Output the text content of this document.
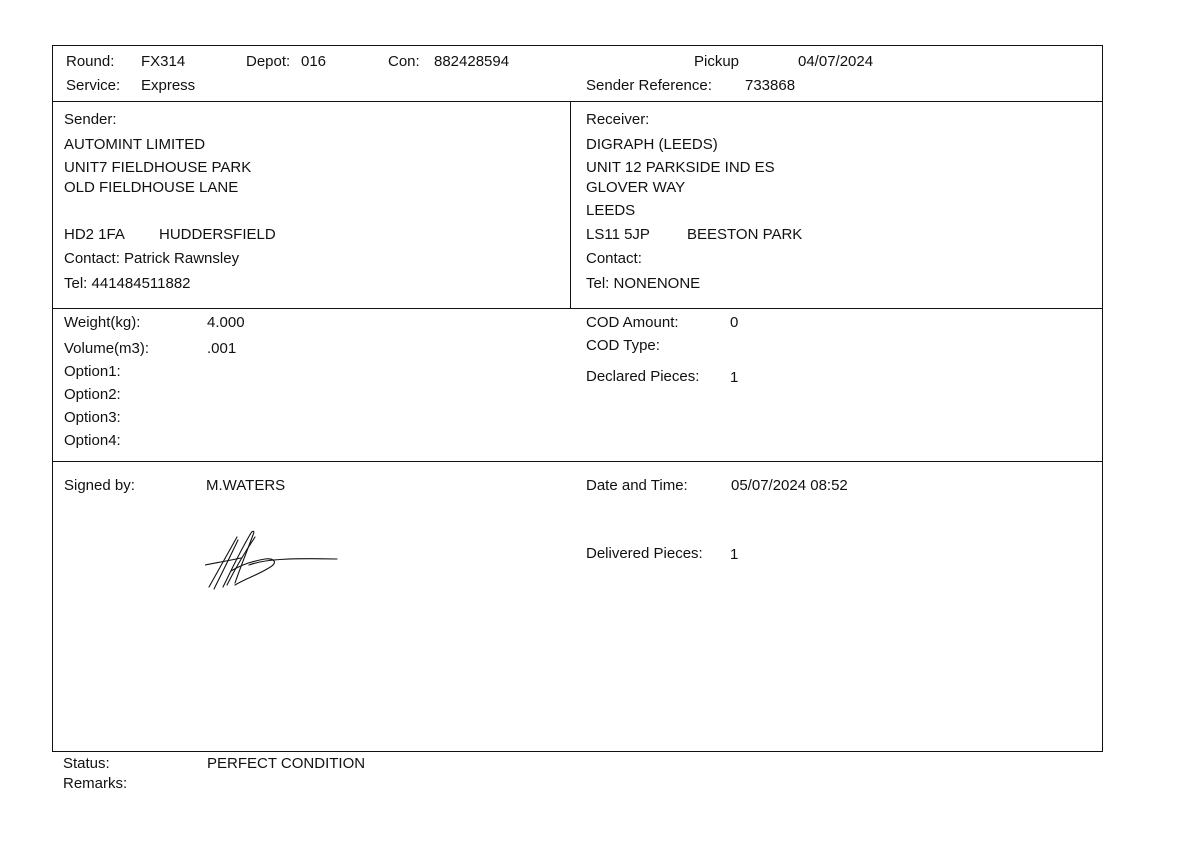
Round: FX314	Depot: 016	Con: 882428594	Pickup	04/07/2024
Service: Express	Sender Reference: 733868
Sender:
AUTOMINT LIMITED
UNIT7 FIELDHOUSE PARK
OLD FIELDHOUSE LANE
HD2 1FA HUDDERSFIELD
Contact: Patrick Rawnsley
Tel: 441484511882
Receiver:
DIGRAPH (LEEDS)
UNIT 12 PARKSIDE IND ES
GLOVER WAY
LEEDS
LS11 5JP BEESTON PARK
Contact:
Tel: NONENONE
Weight(kg):	4.000
Volume(m3):	.001
Option1:
Option2:
Option3:
Option4:
COD Amount:	0
COD Type:
Declared Pieces: 1
Signed by:	M.WATERS	Date and Time:	05/07/2024 08:52
Delivered Pieces: 1
Status:	PERFECT CONDITION
Remarks:
